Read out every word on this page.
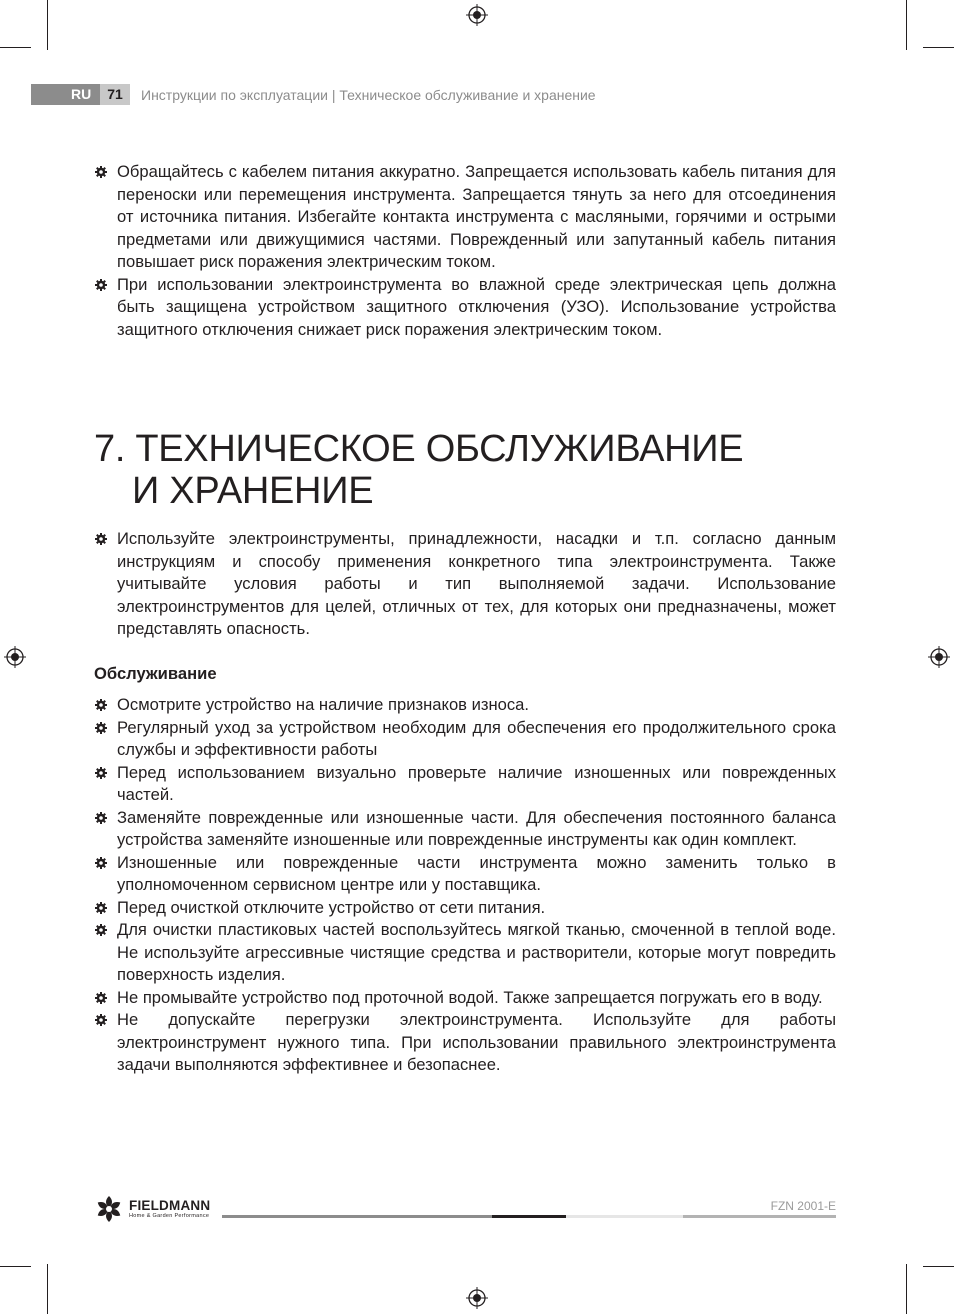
RU	71	Инструкции по эксплуатации | Техническое обслуживание и хранение
Обращайтесь с кабелем питания аккуратно. Запрещается использовать кабель питания для переноски или перемещения инструмента. Запрещается тянуть за него для отсоединения от источника питания. Избегайте контакта инструмента с масляными, горячими и острыми предметами или движущимися частями. Поврежденный или запутанный кабель питания повышает риск поражения электрическим током.
При использовании электроинструмента во влажной среде электрическая цепь должна быть защищена устройством защитного отключения (УЗО). Использование устройства защитного отключения снижает риск поражения электрическим током.
7. ТЕХНИЧЕСКОЕ ОБСЛУЖИВАНИЕ
И ХРАНЕНИЕ
Используйте электроинструменты, принадлежности, насадки и т.п. согласно данным инструкциям и способу применения конкретного типа электроинструмента. Также учитывайте условия работы и тип выполняемой задачи. Использование электроинструментов для целей, отличных от тех, для которых они предназначены, может представлять опасность.
Обслуживание
Осмотрите устройство на наличие признаков износа.
Регулярный уход за устройством необходим для обеспечения его продолжительного срока службы и эффективности работы
Перед использованием визуально проверьте наличие изношенных или поврежденных частей.
Заменяйте поврежденные или изношенные части. Для обеспечения постоянного баланса устройства заменяйте изношенные или поврежденные инструменты как один комплект.
Изношенные или поврежденные части инструмента можно заменить только в уполномоченном сервисном центре или у поставщика.
Перед очисткой отключите устройство от сети питания.
Для очистки пластиковых частей воспользуйтесь мягкой тканью, смоченной в теплой воде. Не используйте агрессивные чистящие средства и растворители, которые могут повредить поверхность изделия.
Не промывайте устройство под проточной водой. Также запрещается погружать его в воду.
Не допускайте перегрузки электроинструмента. Используйте для работы электроинструмент нужного типа. При использовании правильного электроинструмента задачи выполняются эффективнее и безопаснее.
FIELDMANN
Home & Garden Performance
FZN 2001-E
